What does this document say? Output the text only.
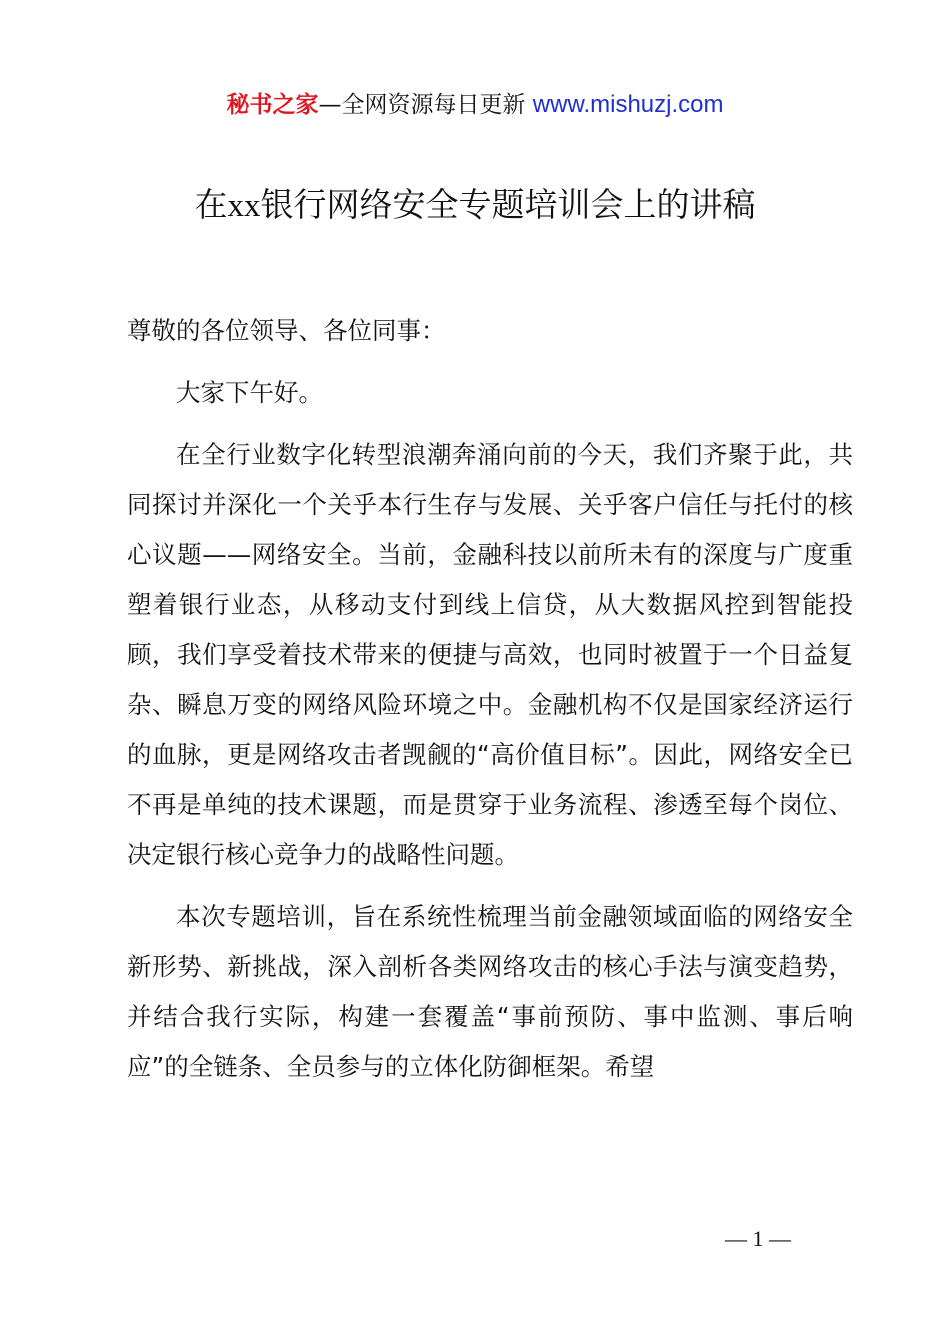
秘书之家—全网资源每日更新 www.mishuzj.com
在xx银行网络安全专题培训会上的讲稿

尊敬的各位领导、各位同事：

大家下午好。

在全行业数字化转型浪潮奔涌向前的今天，我们齐聚于此，共同探讨并深化一个关乎本行生存与发展、关乎客户信任与托付的核心议题——网络安全。当前，金融科技以前所未有的深度与广度重塑着银行业态，从移动支付到线上信贷，从大数据风控到智能投顾，我们享受着技术带来的便捷与高效，也同时被置于一个日益复杂、瞬息万变的网络风险环境之中。金融机构不仅是国家经济运行的血脉，更是网络攻击者觊觎的“高价值目标”。因此，网络安全已不再是单纯的技术课题，而是贯穿于业务流程、渗透至每个岗位、决定银行核心竞争力的战略性问题。

本次专题培训，旨在系统性梳理当前金融领域面临的网络安全新形势、新挑战，深入剖析各类网络攻击的核心手法与演变趋势，并结合我行实际，构建一套覆盖“事前预防、事中监测、事后响应”的全链条、全员参与的立体化防御框架。希望

— 1 —
